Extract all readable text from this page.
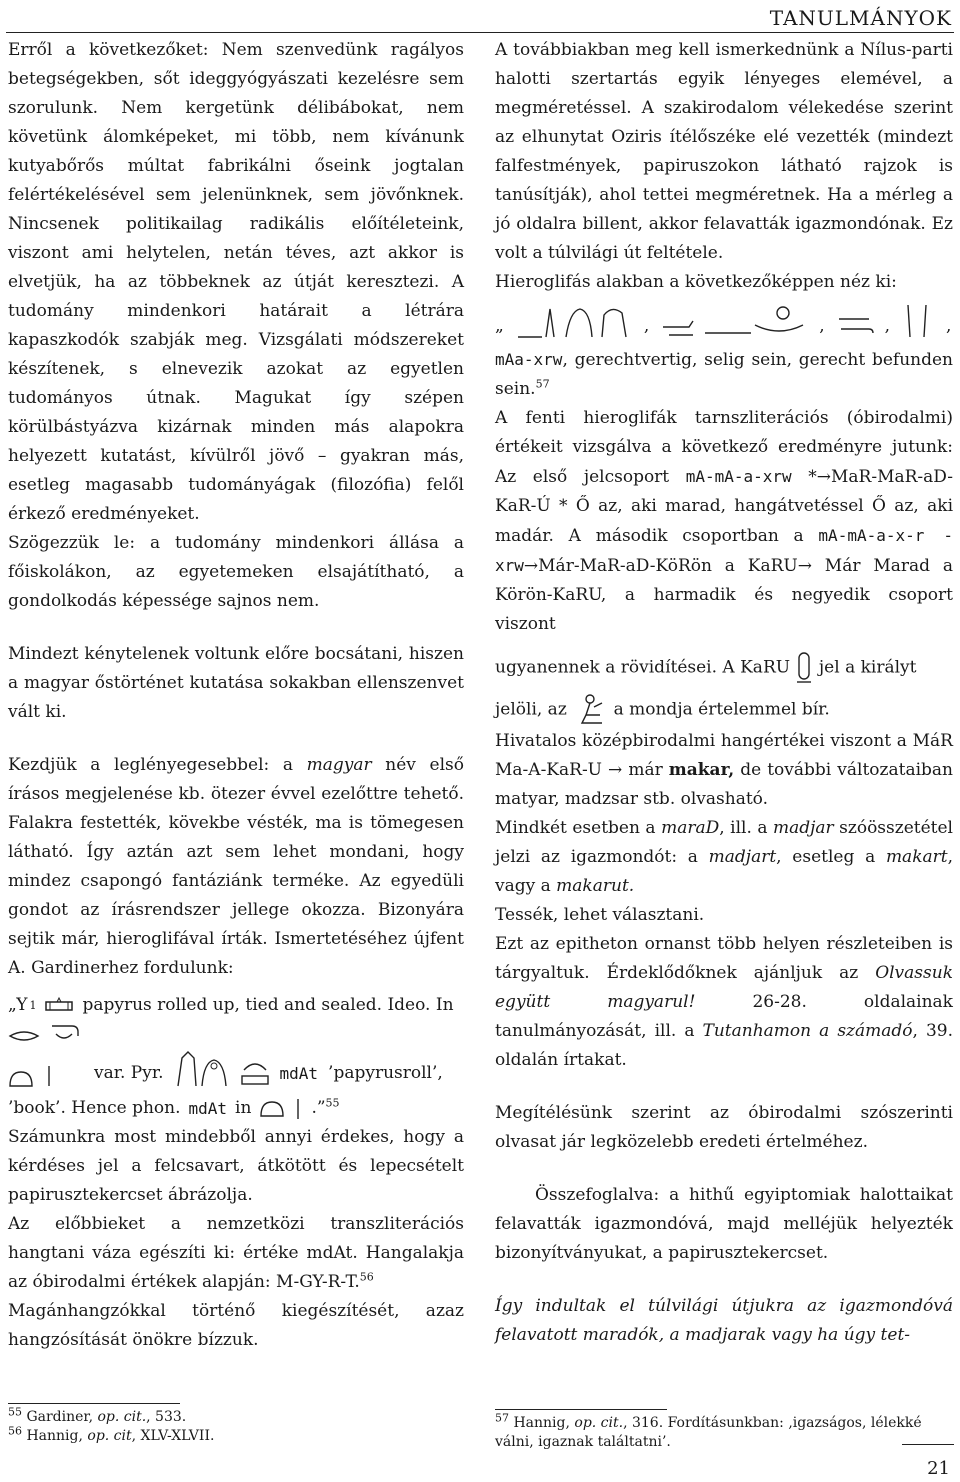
TANULMÁNYOK

Erről a következőket: Nem szenvedünk ragályos betegségekben, sőt ideggyógyászati kezelésre sem szorulunk. Nem kergetünk délibábokat, nem követünk álomképeket, mi több, nem kívánunk kutyabőrős múltat fabrikálni őseink jogtalan felértékelésével sem jelenünknek, sem jövőnknek. Nincsenek politikailag radikális előítéleteink, viszont ami helytelen, netán téves, azt akkor is elvetjük, ha az többeknek az útját keresztezi. A tudomány mindenkori határait a létrára kapaszkodók szabják meg. Vizsgálati módszereket készítenek, s elnevezik azokat az egyetlen tudományos útnak. Magukat így szépen körülbástyázva kizárnak minden más alapokra helyezett kutatást, kívülről jövő – gyakran más, esetleg magasabb tudományágak (filozófia) felől érkező eredményeket.

Szögezzük le: a tudomány mindenkori állása a főiskolákon, az egyetemeken elsajátítható, a gondolkodás képessége sajnos nem.

Mindezt kénytelenek voltunk előre bocsátani, hiszen a magyar őstörténet kutatása sokakban ellenszenvet vált ki.

Kezdjük a leglényegesebbel: a magyar név első írásos megjelenése kb. ötezer évvel ezelőttre tehető. Falakra festették, kövekbe vésték, ma is tömegesen látható. Így aztán azt sem lehet mondani, hogy mindez csapongó fantáziánk terméke. Az egyedüli gondot az írásrendszer jellege okozza. Bizonyára sejtik már, hieroglifával írták. Ismertetéséhez újfent A. Gardinerhez fordulunk:

„Y 1	papyrus rolled up, tied and sealed. Ideo. In
var. Pyr.	mdAt ’papyrusroll’,
’book’. Hence phon. mdAt in	.”$^{55}$

Számunkra most mindebből annyi érdekes, hogy a kérdéses jel a felcsavart, átkötött és lepecsételt papirusztekercset ábrázolja.

Az előbbieket a nemzetközi transzliterációs hangtani váza egészíti ki: értéke mdAt. Hangalakja az óbirodalmi értékek alapján: M-GY-R-T.$^{56}$

Magánhangzókkal történő kiegészítését, azaz hangzósítását önökre bízzuk.

A továbbiakban meg kell ismerkednünk a Nílus-parti halotti szertartás egyik lényeges elemével, a megméretéssel. A szakirodalom vélekedése szerint az elhunytat Oziris ítélőszéke elé vezették (mindezt falfestmények, papiruszokon látható rajzok is tanúsítják), ahol tettei megméretnek. Ha a mérleg a jó oldalra billent, akkor felavatták igazmondónak. Ez volt a túlvilági út feltétele.

Hieroglifás alakban a következőképpen néz ki:

„	,	,	,	,

mAa-xrw, gerechtvertig, selig sein, gerecht befunden sein.$^{57}$

A fenti hieroglifák tarnszliterációs (óbirodalmi) értékeit vizsgálva a következő eredményre jutunk: Az első jelcsoport mA-mA-a-xrw *→MaR-MaR-aD- KaR-Ú * Ő az, aki marad, hangátvetéssel Ő az, aki madár. A második csoportban a mA-mA-a-x-r -xrw→Már-MaR-aD-KöRön a KaRU→ Már Marad a Körön-KaRU, a harmadik és negyedik csoport viszont

ugyanennek a rövidítései. A KaRU jel a királyt

jelöli, az	a mondja értelemmel bír.

Hivatalos középbirodalmi hangértékei viszont a MáR Ma-A-KaR-U → már makar, de további változataiban matyar, madzsar stb. olvasható.

Mindkét esetben a maraD, ill. a madjar szóösszetétel jelzi az igazmondót: a madjart, esetleg a makart, vagy a makarut.

Tessék, lehet választani.

Ezt az epitheton ornanst több helyen részleteiben is tárgyaltuk. Érdeklődőknek ajánljuk az Olvassuk együtt magyarul! 26-28. oldalainak tanulmányozását, ill. a Tutanhamon a számadó, 39. oldalán írtakat.

Megítélésünk szerint az óbirodalmi szószerinti olvasat jár legközelebb eredeti értelméhez.

Összefoglalva: a hithű egyiptomiak halottaikat felavatták igazmondóvá, majd melléjük helyezték bizonyítványukat, a papirusztekercset.

Így indultak el túlvilági útjukra az igazmondóvá felavatott maradók, a madjarak vagy ha úgy tet-

$^{55}$ Gardiner, op. cit., 533.
$^{56}$ Hannig, op. cit, XLV-XLVII.
$^{57}$ Hannig, op. cit., 316. Fordításunkban: ‚igazságos, lélekké válni, igaznak találtatni’.
21
